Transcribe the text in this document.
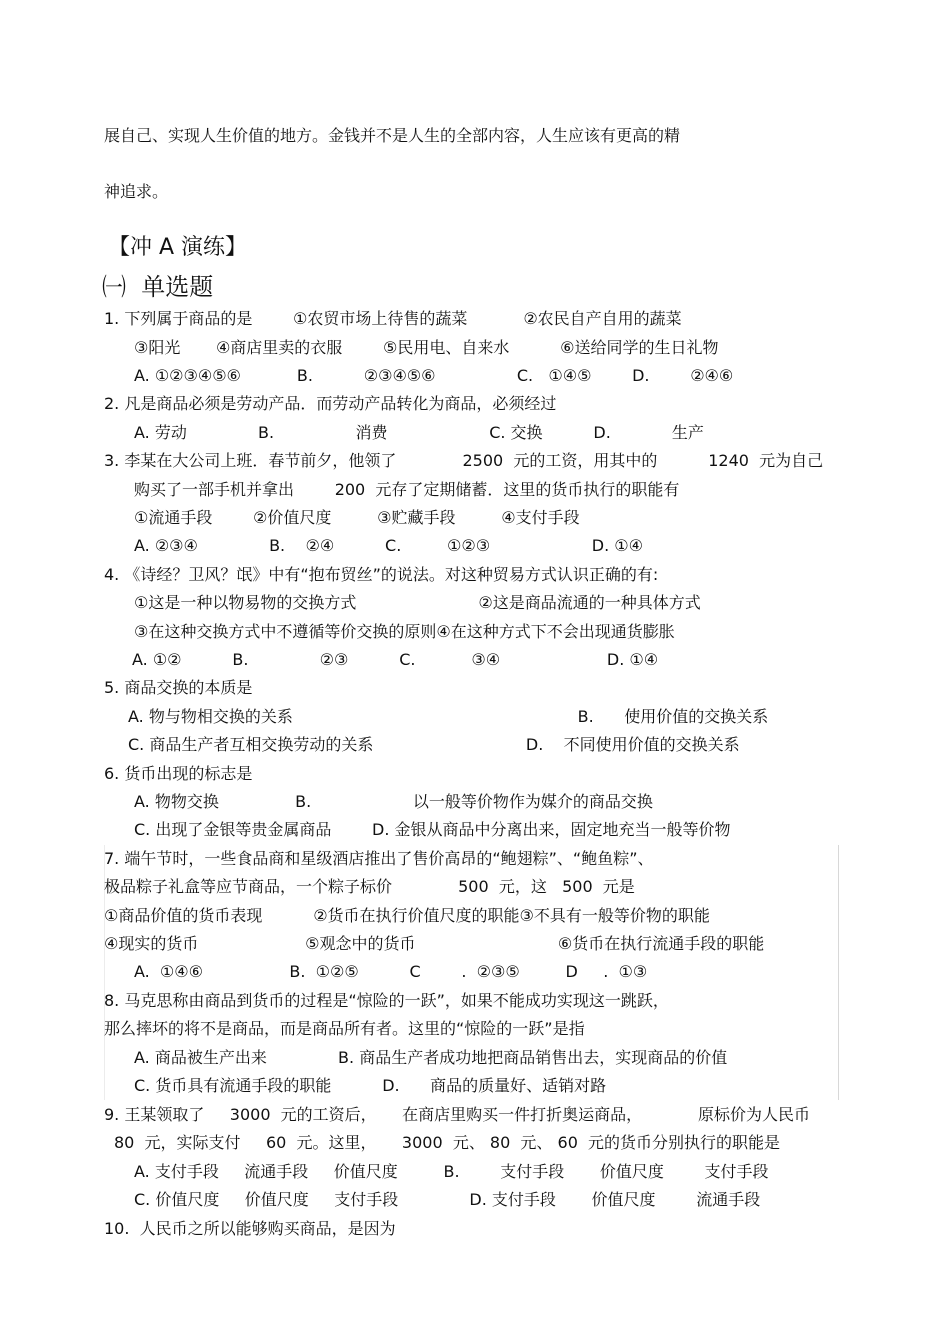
展自己、实现人生价值的地方。金钱并不是人生的全部内容，人生应该有更高的精

神追求。

【冲 A 演练】
㈠  单选题

1. 下列属于商品的是        ①农贸市场上待售的蔬菜           ②农民自产自用的蔬菜

③阳光       ④商店里卖的衣服        ⑤民用电、自来水          ⑥送给同学的生日礼物

A. ①②③④⑤⑥           B.          ②③④⑤⑥                C.   ①④⑤        D.        ②④⑥

2. 凡是商品必须是劳动产品．而劳动产品转化为商品，必须经过

A. 劳动              B.                消费                    C. 交换          D.            生产

3. 李某在大公司上班．春节前夕，他领了             2500  元的工资，用其中的          1240  元为自己

购买了一部手机并拿出        200  元存了定期储蓄．这里的货币执行的职能有

①流通手段        ②价值尺度         ③贮藏手段         ④支付手段

A. ②③④              B.    ②④          C.         ①②③                    D. ①④

4. 《诗经？卫风？氓》中有“抱布贸丝”的说法。对这种贸易方式认识正确的有:

①这是一种以物易物的交换方式                        ②这是商品流通的一种具体方式

③在这种交换方式中不遵循等价交换的原则④在这种方式下不会出现通货膨胀

A. ①②          B.              ②③          C.           ③④                     D. ①④

5. 商品交换的本质是

A. 物与物相交换的关系                                                        B.      使用价值的交换关系

C. 商品生产者互相交换劳动的关系                              D.    不同使用价值的交换关系

6. 货币出现的标志是

A. 物物交换               B.                    以一般等价物作为媒介的商品交换

C. 出现了金银等贵金属商品        D. 金银从商品中分离出来，固定地充当一般等价物

7. 端午节时，一些食品商和星级酒店推出了售价高昂的“鲍翅粽”、“鲍鱼粽”、

极品粽子礼盒等应节商品，一个粽子标价             500  元，这   500  元是

①商品价值的货币表现          ②货币在执行价值尺度的职能③不具有一般等价物的职能

④现实的货币                     ⑤观念中的货币                            ⑥货币在执行流通手段的职能

A.  ①④⑥                 B.  ①②⑤          C        .  ②③⑤         D     .  ①③

8. 马克思称由商品到货币的过程是“惊险的一跃”，如果不能成功实现这一跳跃，

那么摔坏的将不是商品，而是商品所有者。这里的“惊险的一跃”是指

A. 商品被生产出来              B. 商品生产者成功地把商品销售出去，实现商品的价值

C. 货币具有流通手段的职能          D.      商品的质量好、适销对路

9. 王某领取了     3000  元的工资后，     在商店里购买一件打折奥运商品，           原标价为人民币

80  元，实际支付     60  元。这里，     3000  元、 80  元、 60  元的货币分别执行的职能是

A. 支付手段     流通手段     价值尺度         B.        支付手段       价值尺度        支付手段

C. 价值尺度     价值尺度     支付手段              D. 支付手段       价值尺度        流通手段

10.  人民币之所以能够购买商品，是因为
